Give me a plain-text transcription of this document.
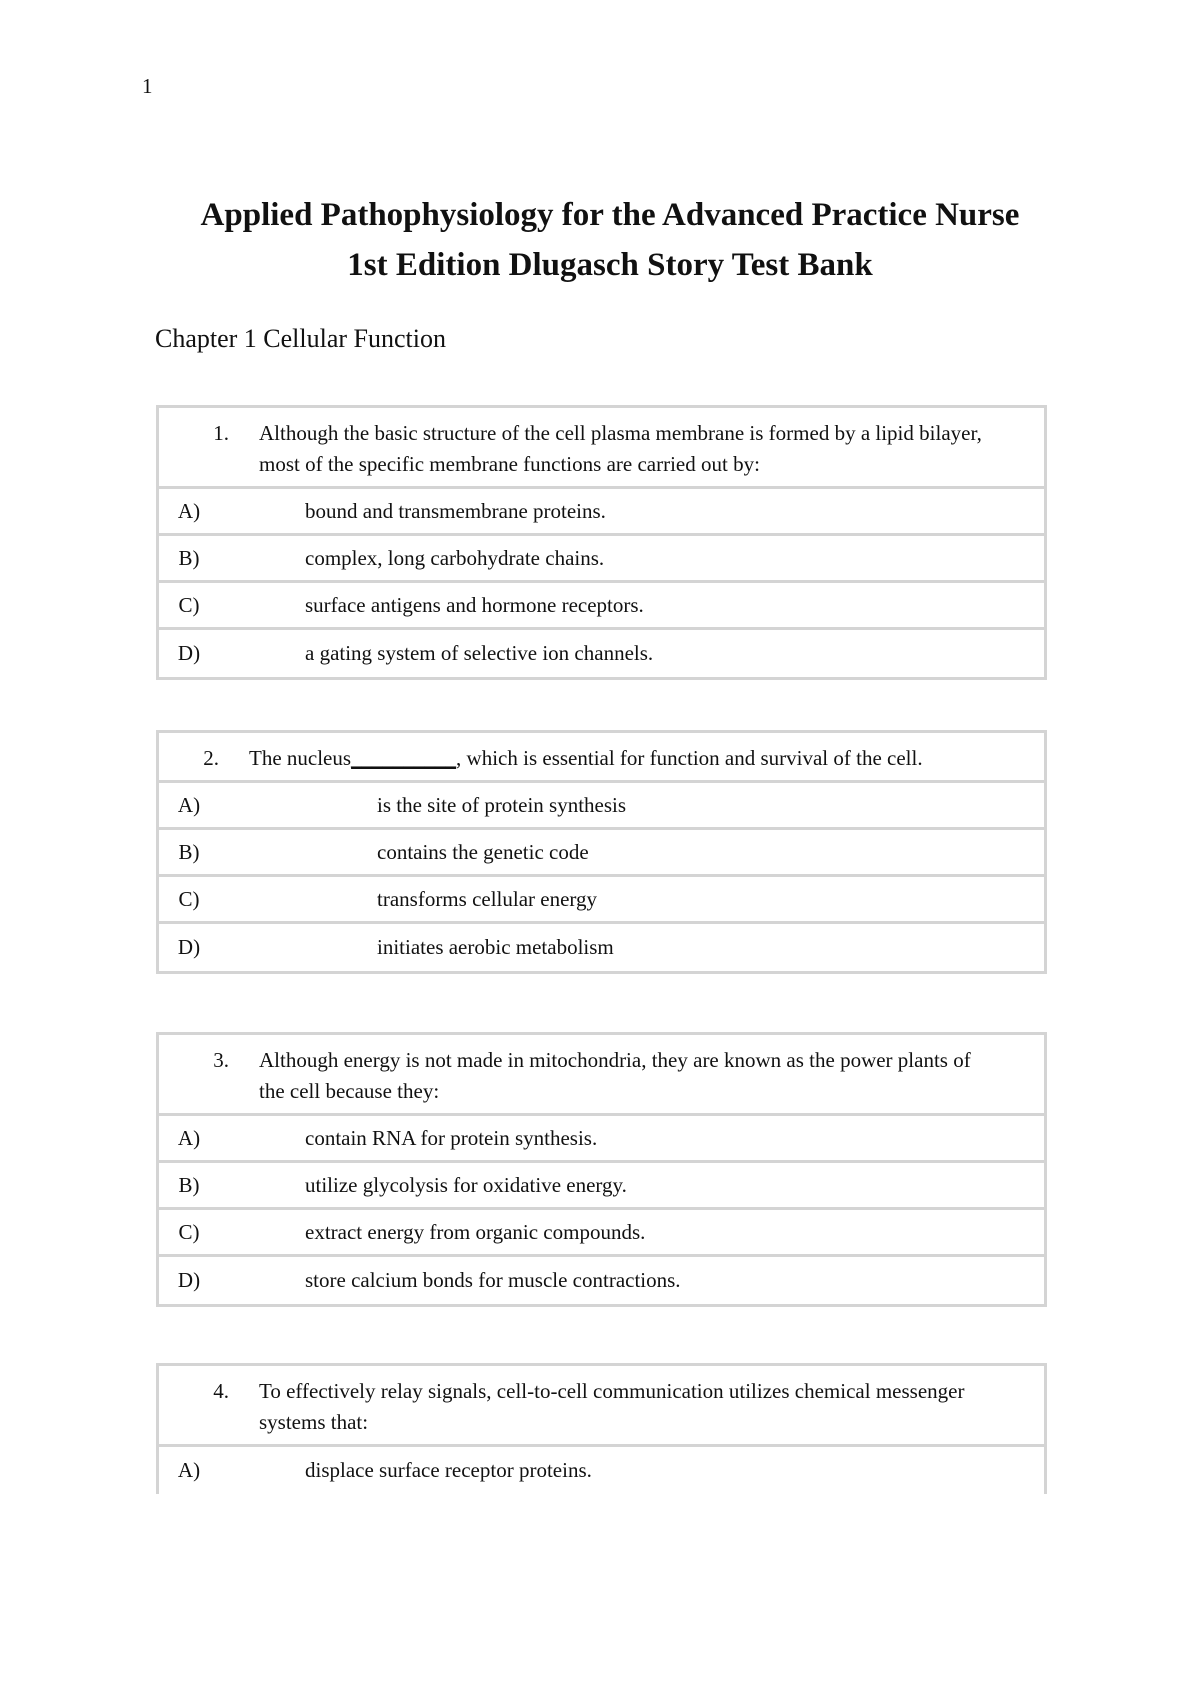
1
Applied Pathophysiology for the Advanced Practice Nurse
1st Edition Dlugasch Story Test Bank
Chapter 1 Cellular Function
1.	Although the basic structure of the cell plasma membrane is formed by a lipid bilayer, most of the specific membrane functions are carried out by:
A)	bound and transmembrane proteins.
B)	complex, long carbohydrate chains.
C)	surface antigens and hormone receptors.
D)	a gating system of selective ion channels.
2.	The nucleus__________, which is essential for function and survival of the cell.
A)	is the site of protein synthesis
B)	contains the genetic code
C)	transforms cellular energy
D)	initiates aerobic metabolism
3.	Although energy is not made in mitochondria, they are known as the power plants of the cell because they:
A)	contain RNA for protein synthesis.
B)	utilize glycolysis for oxidative energy.
C)	extract energy from organic compounds.
D)	store calcium bonds for muscle contractions.
4.	To effectively relay signals, cell-to-cell communication utilizes chemical messenger systems that:
A)	displace surface receptor proteins.
